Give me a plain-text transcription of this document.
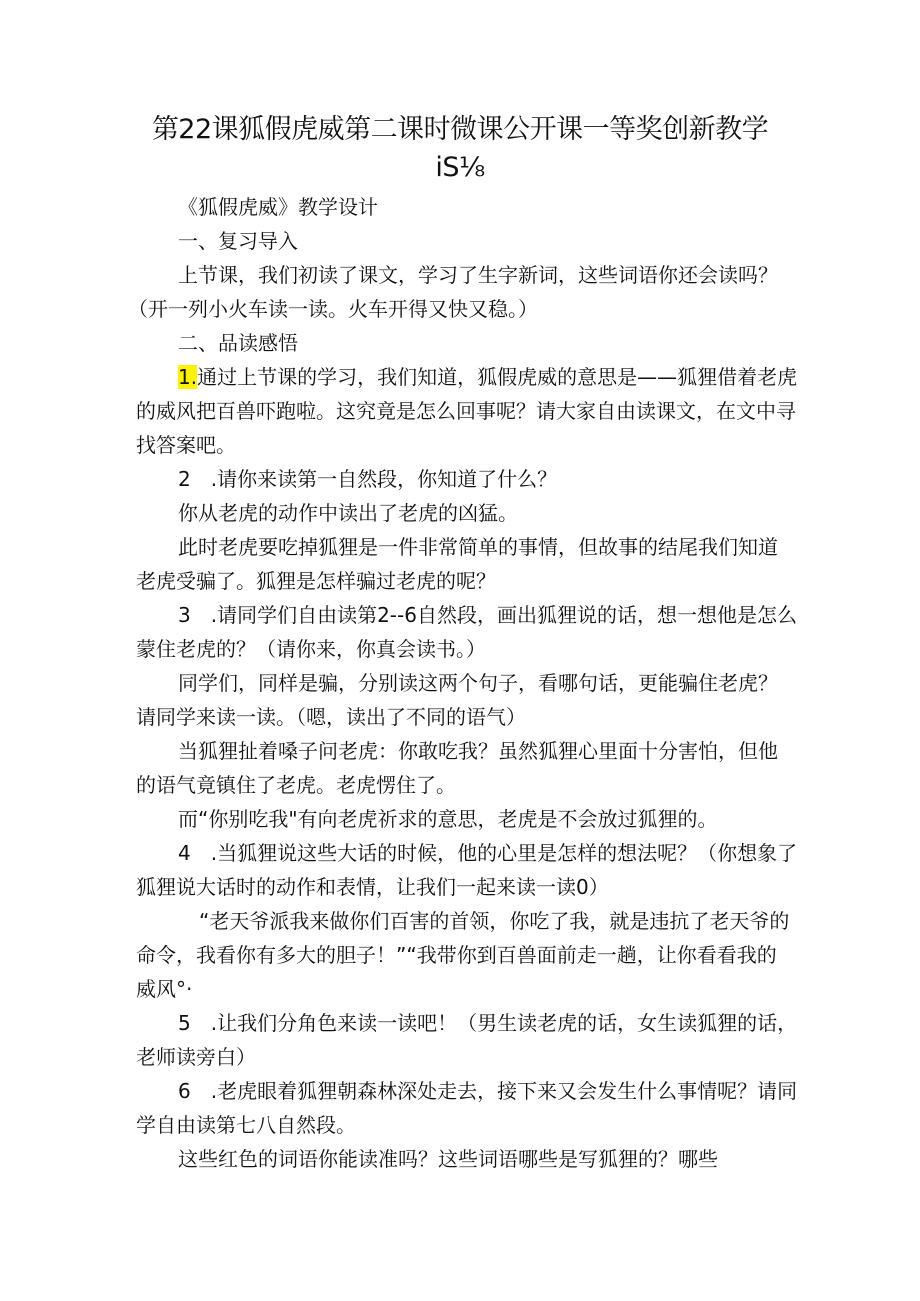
第22课狐假虎威第二课时微课公开课一等奖创新教学
iS⅛

《狐假虎威》教学设计

一、复习导入

上节课，我们初读了课文，学习了生字新词，这些词语你还会读吗？
（开一列小火车读一读。火车开得又快又稳。）

二、品读感悟

1.通过上节课的学习，我们知道，狐假虎威的意思是——狐狸借着老虎
的威风把百兽吓跑啦。这究竟是怎么回事呢？请大家自由读课文，在文中寻
找答案吧。

2　.请你来读第一自然段，你知道了什么？

你从老虎的动作中读出了老虎的凶猛。

此时老虎要吃掉狐狸是一件非常简单的事情，但故事的结尾我们知道
老虎受骗了。狐狸是怎样骗过老虎的呢？

3　.请同学们自由读第2--6自然段，画出狐狸说的话，想一想他是怎么
蒙住老虎的？（请你来，你真会读书。）

同学们，同样是骗，分别读这两个句子，看哪句话，更能骗住老虎？
请同学来读一读。（嗯，读出了不同的语气）

当狐狸扯着嗓子问老虎：你敢吃我？虽然狐狸心里面十分害怕，但他
的语气竟镇住了老虎。老虎愣住了。

而“你别吃我"有向老虎祈求的意思，老虎是不会放过狐狸的。

4　.当狐狸说这些大话的时候，他的心里是怎样的想法呢？（你想象了
狐狸说大话时的动作和表情，让我们一起来读一读0）

“老天爷派我来做你们百害的首领，你吃了我，就是违抗了老天爷的
命令，我看你有多大的胆子！”“我带你到百兽面前走一趟，让你看看我的
威风°·

5　.让我们分角色来读一读吧！（男生读老虎的话，女生读狐狸的话，
老师读旁白）

6　.老虎眼着狐狸朝森林深处走去，接下来又会发生什么事情呢？请同
学自由读第七八自然段。

这些红色的词语你能读准吗？这些词语哪些是写狐狸的？哪些
